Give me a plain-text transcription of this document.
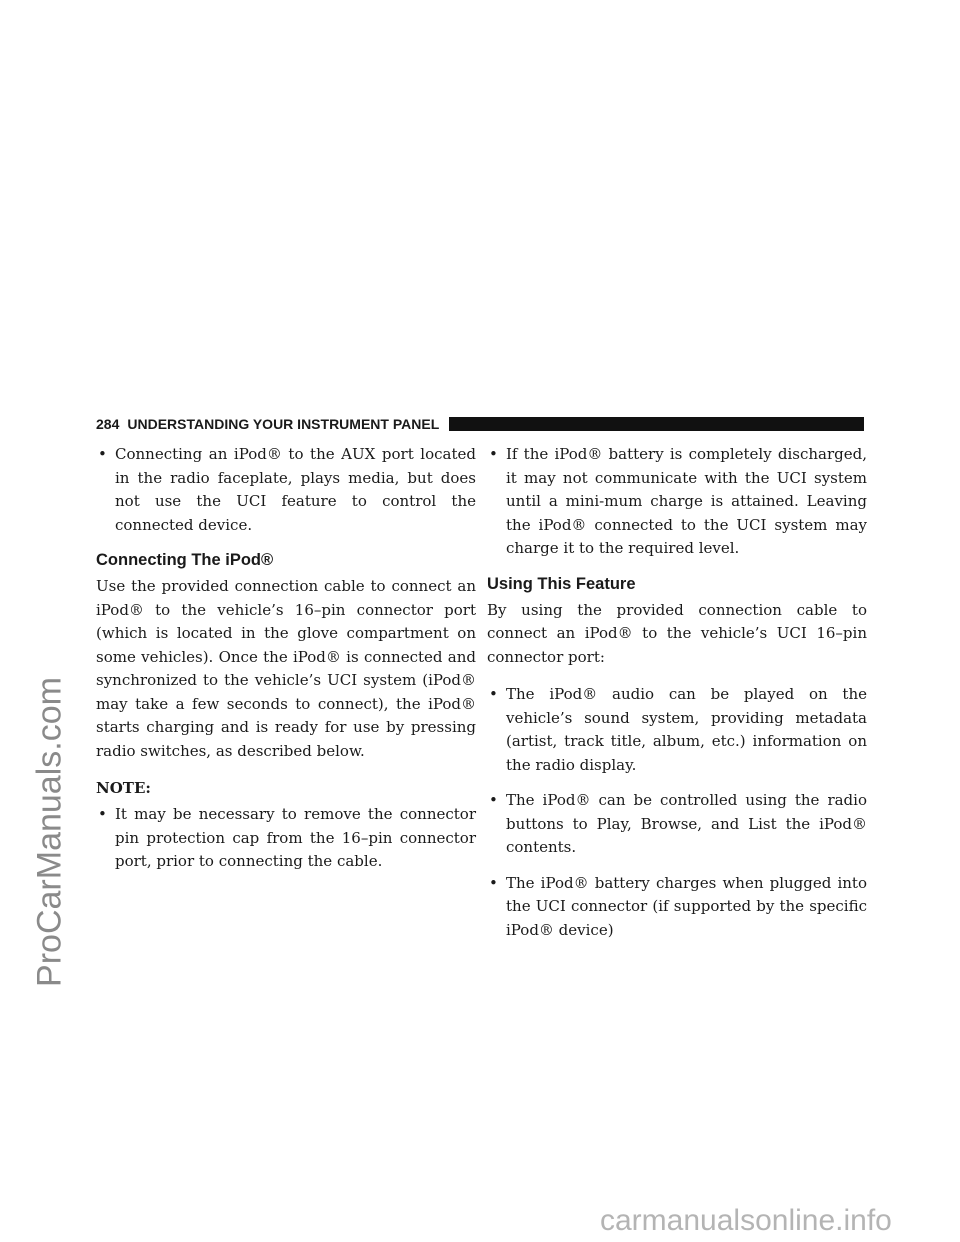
ProCarManuals.com
carmanualsonline.info
284 UNDERSTANDING YOUR INSTRUMENT PANEL
• Connecting an iPod® to the AUX port located in the radio faceplate, plays media, but does not use the UCI feature to control the connected device.
Connecting The iPod®

Use the provided connection cable to connect an iPod® to the vehicle’s 16–pin connector port (which is located in the glove compartment on some vehicles). Once the iPod® is connected and synchronized to the vehicle’s UCI system (iPod® may take a few seconds to connect), the iPod® starts charging and is ready for use by pressing radio switches, as described below.

NOTE:
• It may be necessary to remove the connector pin protection cap from the 16–pin connector port, prior to connecting the cable.
• If the iPod® battery is completely discharged, it may not communicate with the UCI system until a mini-mum charge is attained. Leaving the iPod® connected to the UCI system may charge it to the required level.
Using This Feature

By using the provided connection cable to connect an iPod® to the vehicle’s UCI 16–pin connector port:

• The iPod® audio can be played on the vehicle’s sound system, providing metadata (artist, track title, album, etc.) information on the radio display.
• The iPod® can be controlled using the radio buttons to Play, Browse, and List the iPod® contents.
• The iPod® battery charges when plugged into the UCI connector (if supported by the specific iPod® device)
